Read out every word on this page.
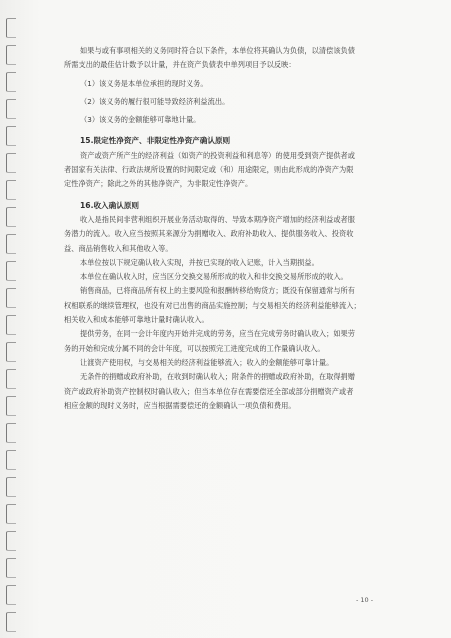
如果与或有事项相关的义务同时符合以下条件，本单位将其确认为负债，以清偿该负债

所需支出的最佳估计数予以计量，并在资产负债表中单列项目予以反映：

（1）该义务是本单位承担的现时义务。

（2）该义务的履行很可能导致经济利益流出。

（3）该义务的金额能够可靠地计量。

15.限定性净资产、非限定性净资产确认原则

资产或资产所产生的经济利益（如资产的投资利益和利息等）的使用受到资产提供者或

者国家有关法律、行政法规所设置的时间限定或（和）用途限定，则由此形成的净资产为限

定性净资产；除此之外的其他净资产，为非限定性净资产。

16.收入确认原则

收入是指民间非营利组织开展业务活动取得的、导致本期净资产增加的经济利益或者服

务潜力的流入。收入应当按照其来源分为捐赠收入、政府补助收入、提供服务收入、投资收

益、商品销售收入和其他收入等。

本单位按以下规定确认收入实现，并按已实现的收入记账，计入当期损益。

本单位在确认收入时，应当区分交换交易所形成的收入和非交换交易所形成的收入。

销售商品，已将商品所有权上的主要风险和报酬转移给购货方；既没有保留通常与所有

权相联系的继续管理权，也没有对已出售的商品实施控制；与交易相关的经济利益能够流入；

相关收入和成本能够可靠地计量时确认收入。

提供劳务，在同一会计年度内开始并完成的劳务，应当在完成劳务时确认收入；如果劳

务的开始和完成分属不同的会计年度，可以按照完工进度完成的工作量确认收入。

让渡资产使用权，与交易相关的经济利益能够流入；收入的金额能够可靠计量。

无条件的捐赠或政府补助，在收到时确认收入；附条件的捐赠或政府补助，在取得捐赠

资产或政府补助资产控制权时确认收入；但当本单位存在需要偿还全部或部分捐赠资产或者

相应金额的现时义务时，应当根据需要偿还的金额确认一项负债和费用。

- 10 -
